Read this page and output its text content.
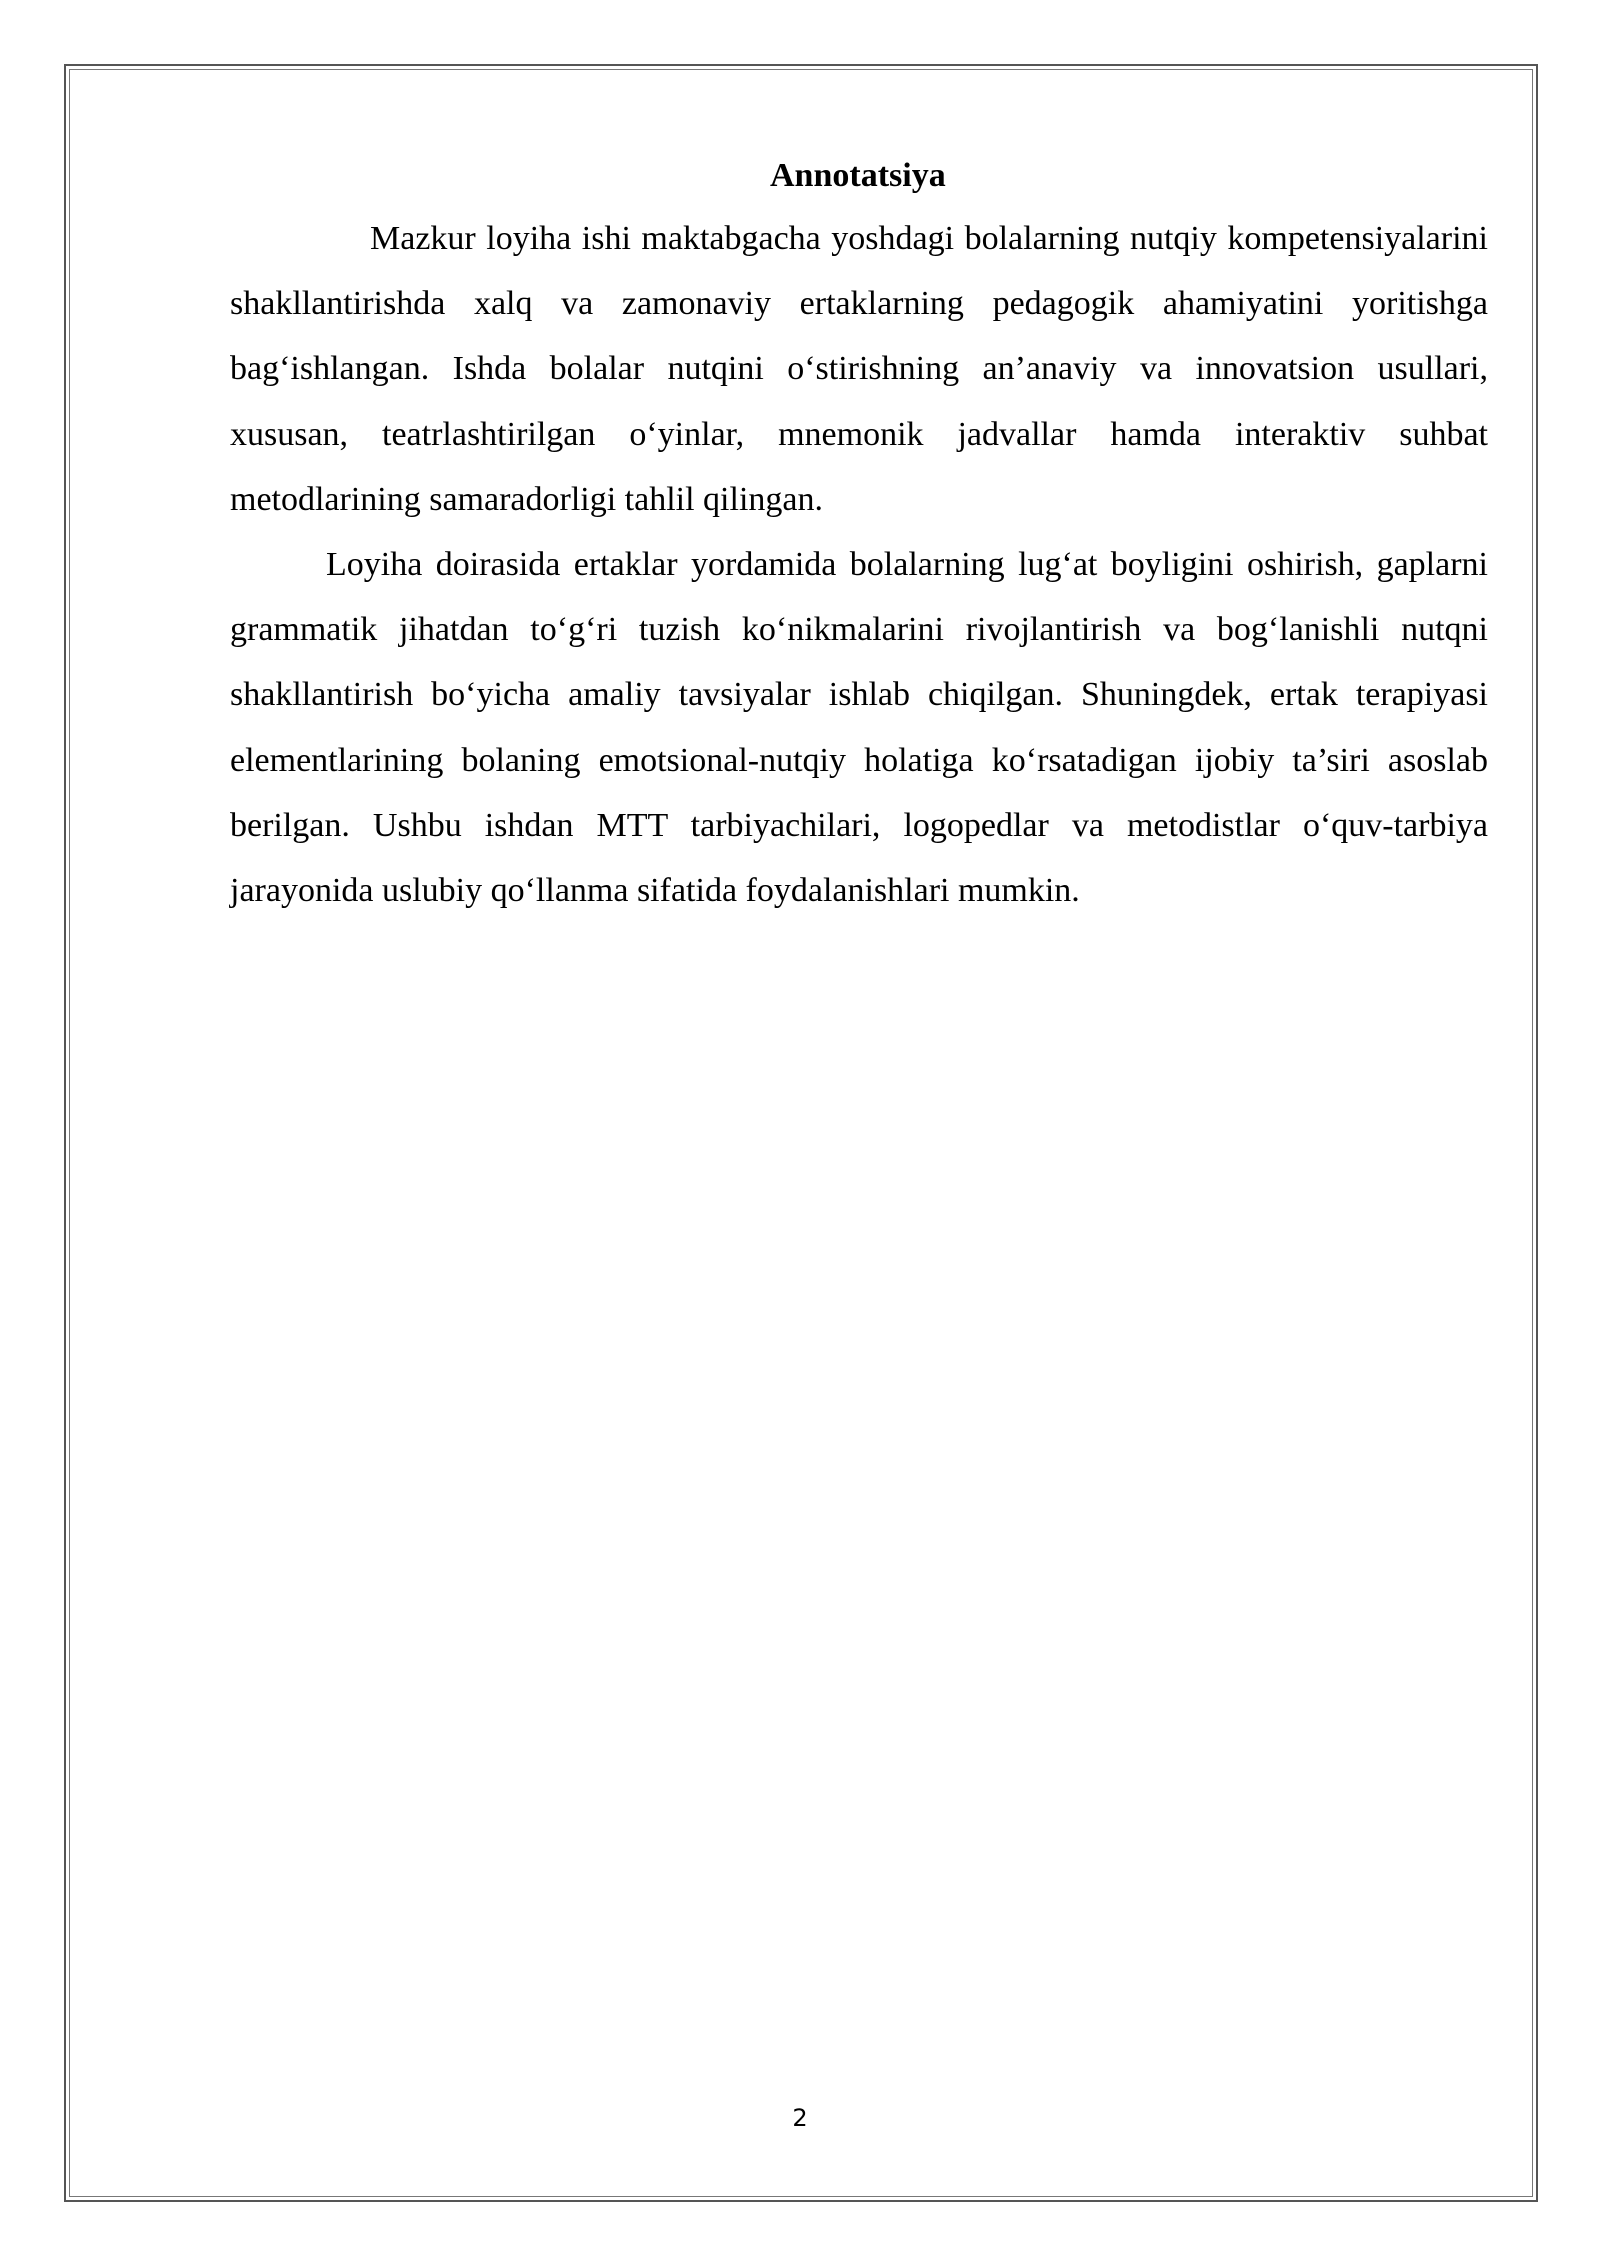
Annotatsiya

Mazkur loyiha ishi maktabgacha yoshdagi bolalarning nutqiy kompetensiyalarini shakllantirishda xalq va zamonaviy ertaklarning pedagogik ahamiyatini yoritishga bag‘ishlangan. Ishda bolalar nutqini o‘stirishning an’anaviy va innovatsion usullari, xususan, teatrlashtirilgan o‘yinlar, mnemonik jadvallar hamda interaktiv suhbat metodlarining samaradorligi tahlil qilingan.

Loyiha doirasida ertaklar yordamida bolalarning lug‘at boyligini oshirish, gaplarni grammatik jihatdan to‘g‘ri tuzish ko‘nikmalarini rivojlantirish va bog‘lanishli nutqni shakllantirish bo‘yicha amaliy tavsiyalar ishlab chiqilgan. Shuningdek, ertak terapiyasi elementlarining bolaning emotsional-nutqiy holatiga ko‘rsatadigan ijobiy ta’siri asoslab berilgan. Ushbu ishdan MTT tarbiyachilari, logopedlar va metodistlar o‘quv-tarbiya jarayonida uslubiy qo‘llanma sifatida foydalanishlari mumkin.

2
